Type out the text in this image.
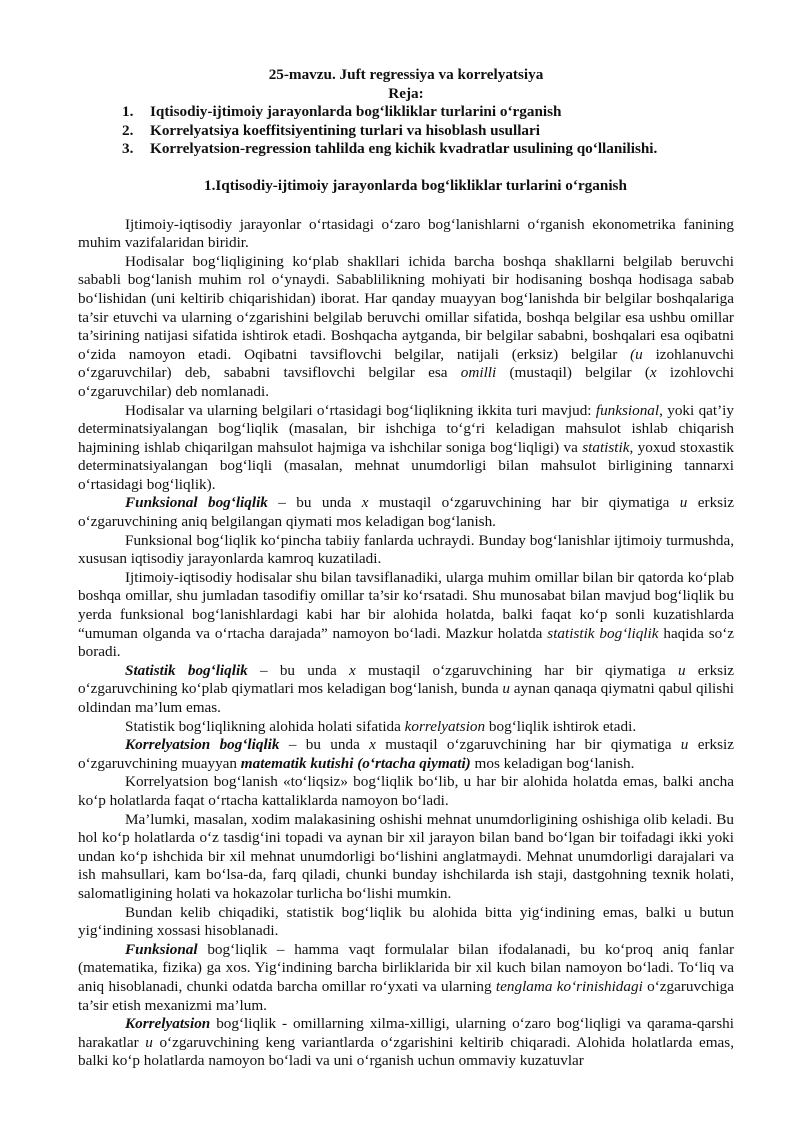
25-mavzu. Juft regressiya va korrelyatsiya
Reja:
1. Iqtisodiy-ijtimoiy jarayonlarda bog‘likliklar turlarini o‘rganish
2. Korrelyatsiya koeffitsiyentining turlari va hisoblash usullari
3. Korrelyatsion-regression tahlilda eng kichik kvadratlar usulining qo‘llanilishi.
1.Iqtisodiy-ijtimoiy jarayonlarda bog‘likliklar turlarini o‘rganish

Ijtimoiy-iqtisodiy jarayonlar o‘rtasidagi o‘zaro bog‘lanishlarni o‘rganish ekonometrika fanining muhim vazifalaridan biridir.

Hodisalar bog‘liqligining ko‘plab shakllari ichida barcha boshqa shakllarni belgilab beruvchi sababli bog‘lanish muhim rol o‘ynaydi. Sabablilikning mohiyati bir hodisaning boshqa hodisaga sabab bo‘lishidan (uni keltirib chiqarishidan) iborat. Har qanday muayyan bog‘lanishda bir belgilar boshqalariga ta’sir etuvchi va ularning o‘zgarishini belgilab beruvchi omillar sifatida, boshqa belgilar esa ushbu omillar ta’sirining natijasi sifatida ishtirok etadi. Boshqacha aytganda, bir belgilar sababni, boshqalari esa oqibatni o‘zida namoyon etadi. Oqibatni tavsiflovchi belgilar, natijali (erksiz) belgilar (u izohlanuvchi o‘zgaruvchilar) deb, sababni tavsiflovchi belgilar esa omilli (mustaqil) belgilar (x izohlovchi o‘zgaruvchilar) deb nomlanadi.

Hodisalar va ularning belgilari o‘rtasidagi bog‘liqlikning ikkita turi mavjud: funksional, yoki qat’iy determinatsiyalangan bog‘liqlik (masalan, bir ishchiga to‘g‘ri keladigan mahsulot ishlab chiqarish hajmining ishlab chiqarilgan mahsulot hajmiga va ishchilar soniga bog‘liqligi) va statistik, yoxud stoxastik determinatsiyalangan bog‘liqli (masalan, mehnat unumdorligi bilan mahsulot birligining tannarxi o‘rtasidagi bog‘liqlik).

Funksional bog‘liqlik – bu unda x mustaqil o‘zgaruvchining har bir qiymatiga u erksiz o‘zgaruvchining aniq belgilangan qiymati mos keladigan bog‘lanish.

Funksional bog‘liqlik ko‘pincha tabiiy fanlarda uchraydi. Bunday bog‘lanishlar ijtimoiy turmushda, xususan iqtisodiy jarayonlarda kamroq kuzatiladi.

Ijtimoiy-iqtisodiy hodisalar shu bilan tavsiflanadiki, ularga muhim omillar bilan bir qatorda ko‘plab boshqa omillar, shu jumladan tasodifiy omillar ta’sir ko‘rsatadi. Shu munosabat bilan mavjud bog‘liqlik bu yerda funksional bog‘lanishlardagi kabi har bir alohida holatda, balki faqat ko‘p sonli kuzatishlarda “umuman olganda va o‘rtacha darajada” namoyon bo‘ladi. Mazkur holatda statistik bog‘liqlik haqida so‘z boradi.

Statistik bog‘liqlik – bu unda x mustaqil o‘zgaruvchining har bir qiymatiga u erksiz o‘zgaruvchining ko‘plab qiymatlari mos keladigan bog‘lanish, bunda u aynan qanaqa qiymatni qabul qilishi oldindan ma’lum emas.

Statistik bog‘liqlikning alohida holati sifatida korrelyatsion bog‘liqlik ishtirok etadi.

Korrelyatsion bog‘liqlik – bu unda x mustaqil o‘zgaruvchining har bir qiymatiga u erksiz o‘zgaruvchining muayyan matematik kutishi (o‘rtacha qiymati) mos keladigan bog‘lanish.

Korrelyatsion bog‘lanish «to‘liqsiz» bog‘liqlik bo‘lib, u har bir alohida holatda emas, balki ancha ko‘p holatlarda faqat o‘rtacha kattaliklarda namoyon bo‘ladi.

Ma’lumki, masalan, xodim malakasining oshishi mehnat unumdorligining oshishiga olib keladi. Bu hol ko‘p holatlarda o‘z tasdig‘ini topadi va aynan bir xil jarayon bilan band bo‘lgan bir toifadagi ikki yoki undan ko‘p ishchida bir xil mehnat unumdorligi bo‘lishini anglatmaydi. Mehnat unumdorligi darajalari va ish mahsullari, kam bo‘lsa-da, farq qiladi, chunki bunday ishchilarda ish staji, dastgohning texnik holati, salomatligining holati va hokazolar turlicha bo‘lishi mumkin.

Bundan kelib chiqadiki, statistik bog‘liqlik bu alohida bitta yig‘indining emas, balki u butun yig‘indining xossasi hisoblanadi.

Funksional bog‘liqlik – hamma vaqt formulalar bilan ifodalanadi, bu ko‘proq aniq fanlar (matematika, fizika) ga xos. Yig‘indining barcha birliklarida bir xil kuch bilan namoyon bo‘ladi. To‘liq va aniq hisoblanadi, chunki odatda barcha omillar ro‘yxati va ularning tenglama ko‘rinishidagi o‘zgaruvchiga ta’sir etish mexanizmi ma’lum.

Korrelyatsion bog‘liqlik - omillarning xilma-xilligi, ularning o‘zaro bog‘liqligi va qarama-qarshi harakatlar u o‘zgaruvchining keng variantlarda o‘zgarishini keltirib chiqaradi. Alohida holatlarda emas, balki ko‘p holatlarda namoyon bo‘ladi va uni o‘rganish uchun ommaviy kuzatuvlar
